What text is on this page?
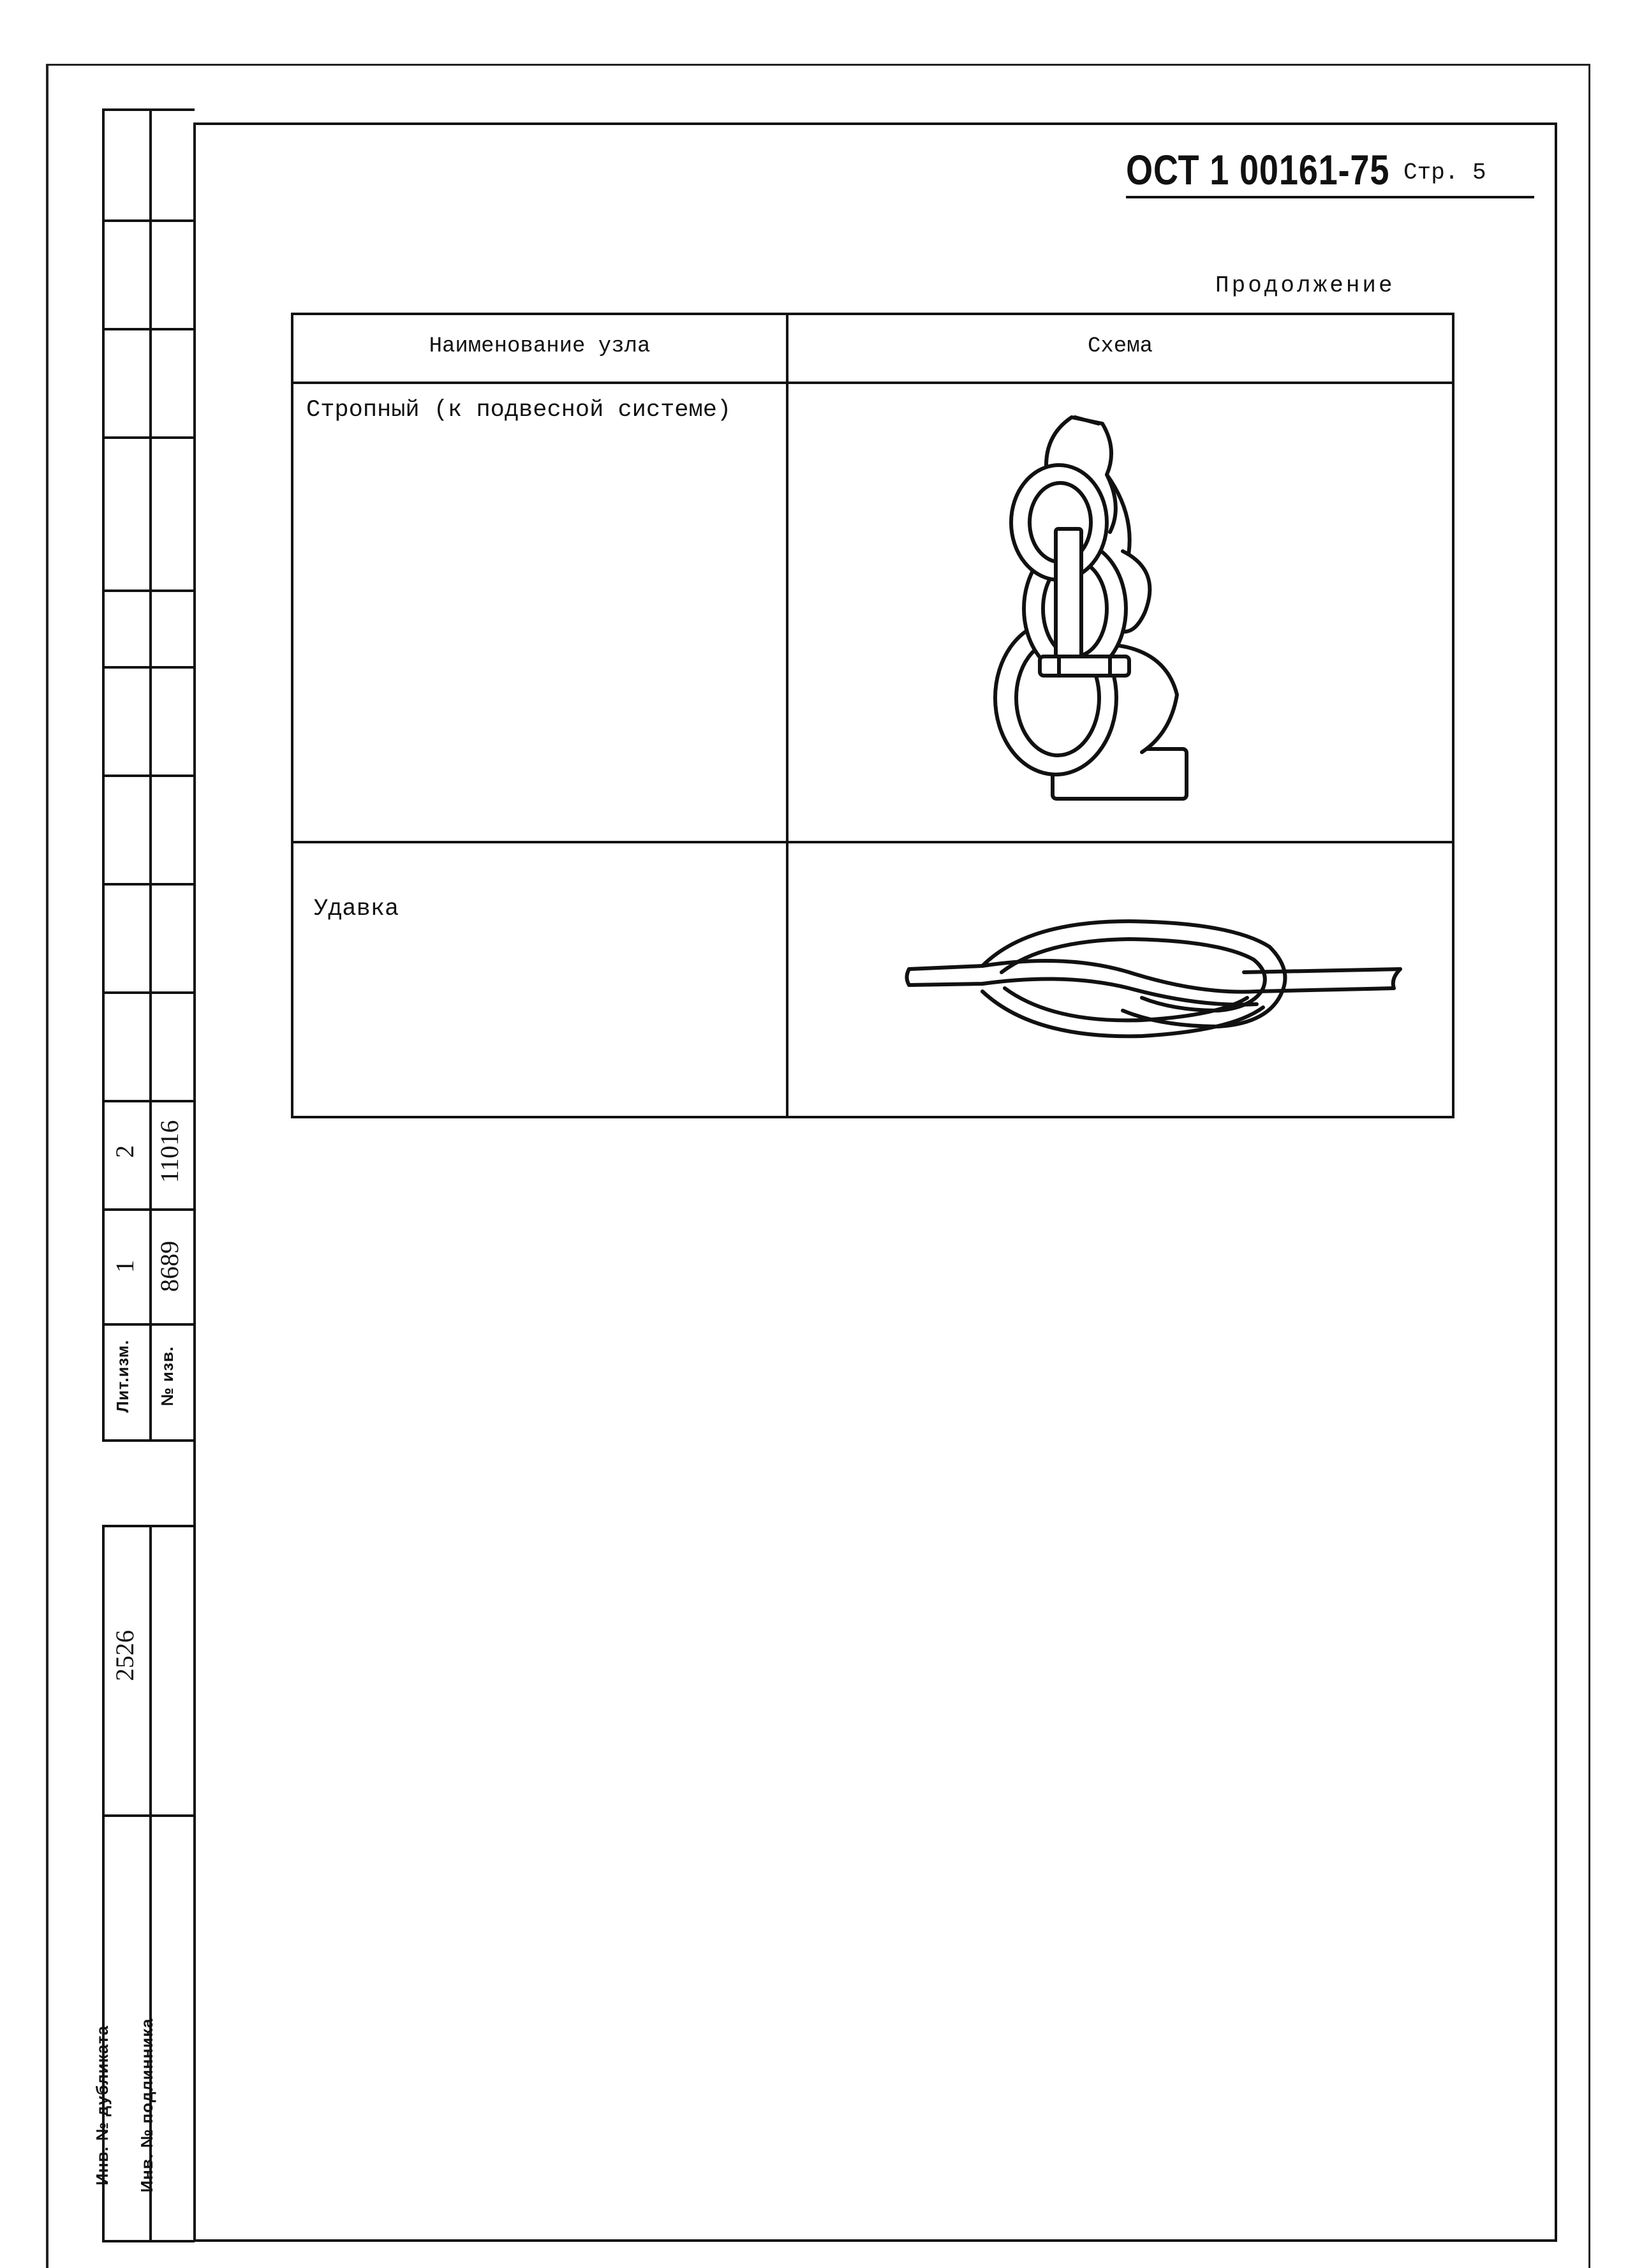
Лит.изм.	№ изв.
1 8689
2 11016
2526
Инв. № дубликата	Инв. № подлинника
ОСТ 1 00161-75 Стр. 5
Продолжение
Наименование узла	Схема
Стропный (к подвесной системе)
Удавка
